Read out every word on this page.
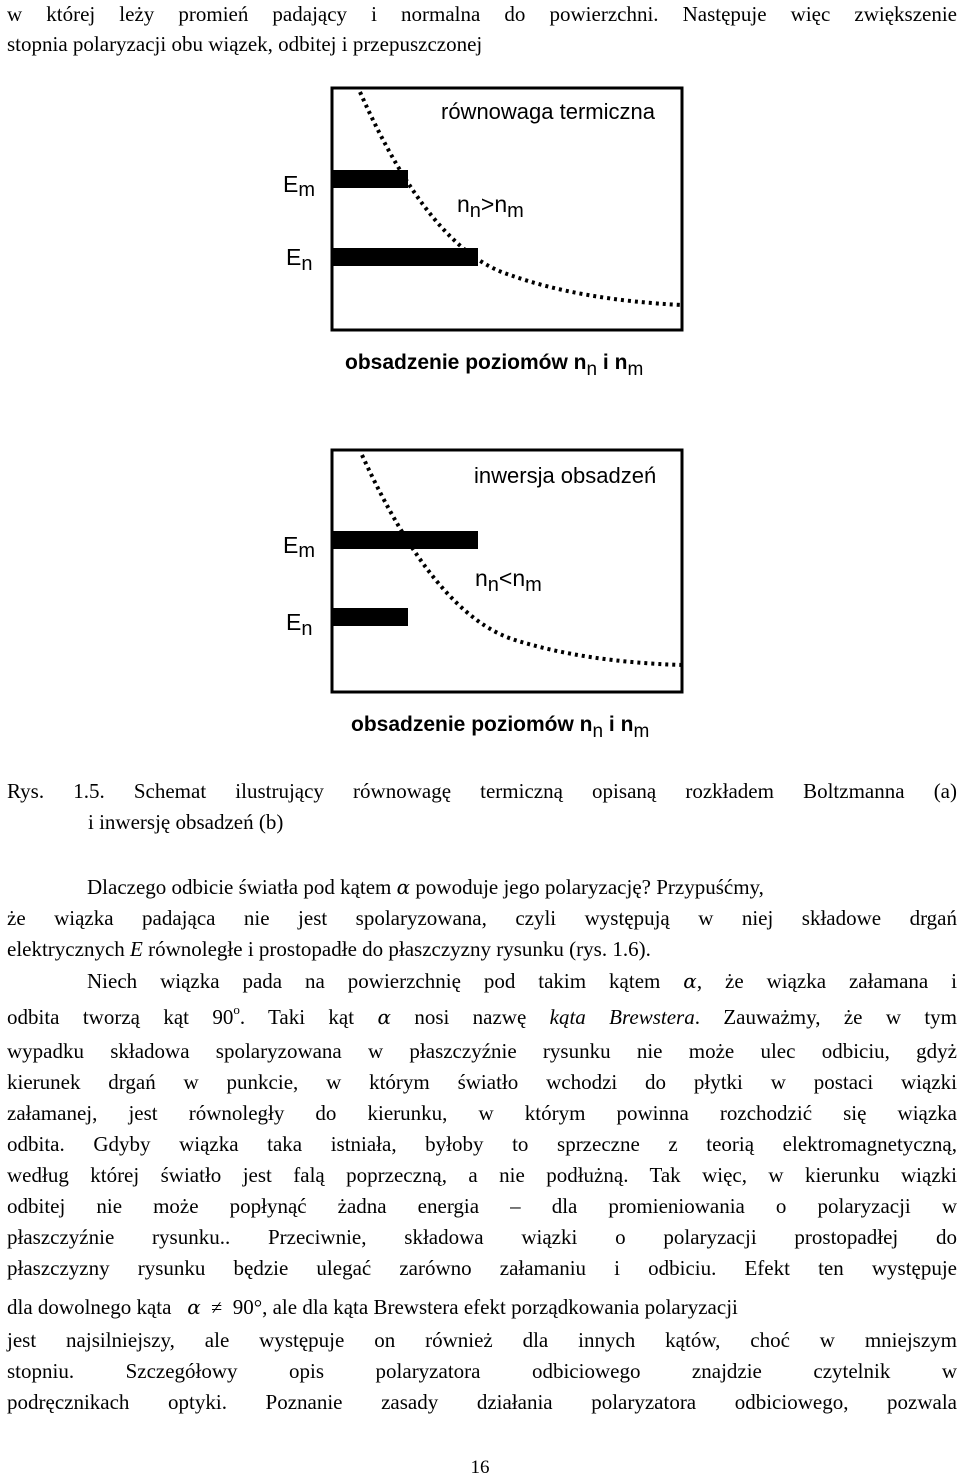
w której leży promień padający i normalna do powierzchni. Następuje więc zwiększenie
stopnia polaryzacji obu wiązek, odbitej i przepuszczonej
równowaga termiczna
Em
En
nn>nm
obsadzenie poziomów nn i nm
inwersja obsadzeń
Em
En
nn<nm
obsadzenie poziomów nn i nm
Rys. 1.5. Schemat ilustrujący równowagę termiczną opisaną rozkładem Boltzmanna (a)
i inwersję obsadzeń (b)
Dlaczego odbicie światła pod kątem α powoduje jego polaryzację? Przypuśćmy,
że wiązka padająca nie jest spolaryzowana, czyli występują w niej składowe drgań
elektrycznych E równoległe i prostopadłe do płaszczyzny rysunku (rys. 1.6).
Niech wiązka pada na powierzchnię pod takim kątem α, że wiązka załamana i
odbita tworzą kąt 90$^o$. Taki kąt α nosi nazwę kąta Brewstera. Zauważmy, że w tym
wypadku składowa spolaryzowana w płaszczyźnie rysunku nie może ulec odbiciu, gdyż
kierunek drgań w punkcie, w którym światło wchodzi do płytki w postaci wiązki
załamanej, jest równoległy do kierunku, w którym powinna rozchodzić się wiązka
odbita. Gdyby wiązka taka istniała, byłoby to sprzeczne z teorią elektromagnetyczną,
według której światło jest falą poprzeczną, a nie podłużną. Tak więc, w kierunku wiązki
odbitej nie może popłynąć żadna energia – dla promieniowania o polaryzacji w
płaszczyźnie rysunku.. Przeciwnie, składowa wiązki o polaryzacji prostopadłej do
płaszczyzny rysunku będzie ulegać zarówno załamaniu i odbiciu. Efekt ten występuje
dla dowolnego kąta α ≠ 90°, ale dla kąta Brewstera efekt porządkowania polaryzacji
jest najsilniejszy, ale występuje on również dla innych kątów, choć w mniejszym
stopniu. Szczegółowy opis polaryzatora odbiciowego znajdzie czytelnik w
podręcznikach optyki. Poznanie zasady działania polaryzatora odbiciowego, pozwala
16
